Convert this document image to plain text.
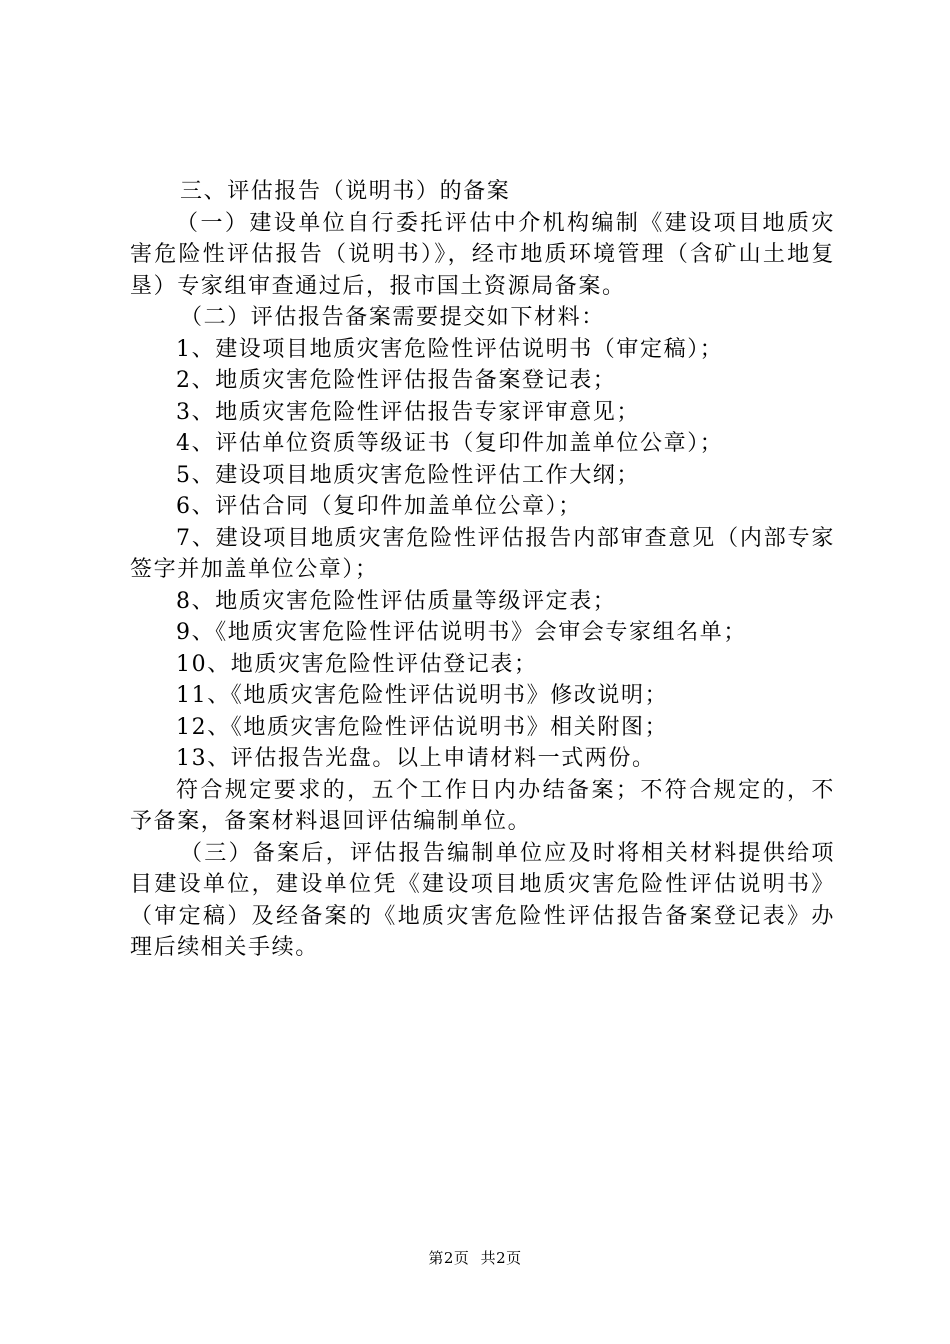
三、评估报告（说明书）的备案

（一）建设单位自行委托评估中介机构编制《建设项目地质灾害危险性评估报告（说明书）》，经市地质环境管理（含矿山土地复垦）专家组审查通过后，报市国土资源局备案。

（二）评估报告备案需要提交如下材料：

1、建设项目地质灾害危险性评估说明书（审定稿）；

2、地质灾害危险性评估报告备案登记表；

3、地质灾害危险性评估报告专家评审意见；

4、评估单位资质等级证书（复印件加盖单位公章）；

5、建设项目地质灾害危险性评估工作大纲；

6、评估合同（复印件加盖单位公章）；

7、建设项目地质灾害危险性评估报告内部审查意见（内部专家签字并加盖单位公章）；

8、地质灾害危险性评估质量等级评定表；

9、《地质灾害危险性评估说明书》会审会专家组名单；

10、地质灾害危险性评估登记表；

11、《地质灾害危险性评估说明书》修改说明；

12、《地质灾害危险性评估说明书》相关附图；

13、评估报告光盘。以上申请材料一式两份。

符合规定要求的，五个工作日内办结备案；不符合规定的，不予备案，备案材料退回评估编制单位。

（三）备案后，评估报告编制单位应及时将相关材料提供给项目建设单位，建设单位凭《建设项目地质灾害危险性评估说明书》（审定稿）及经备案的《地质灾害危险性评估报告备案登记表》办理后续相关手续。

第2页 共2页
